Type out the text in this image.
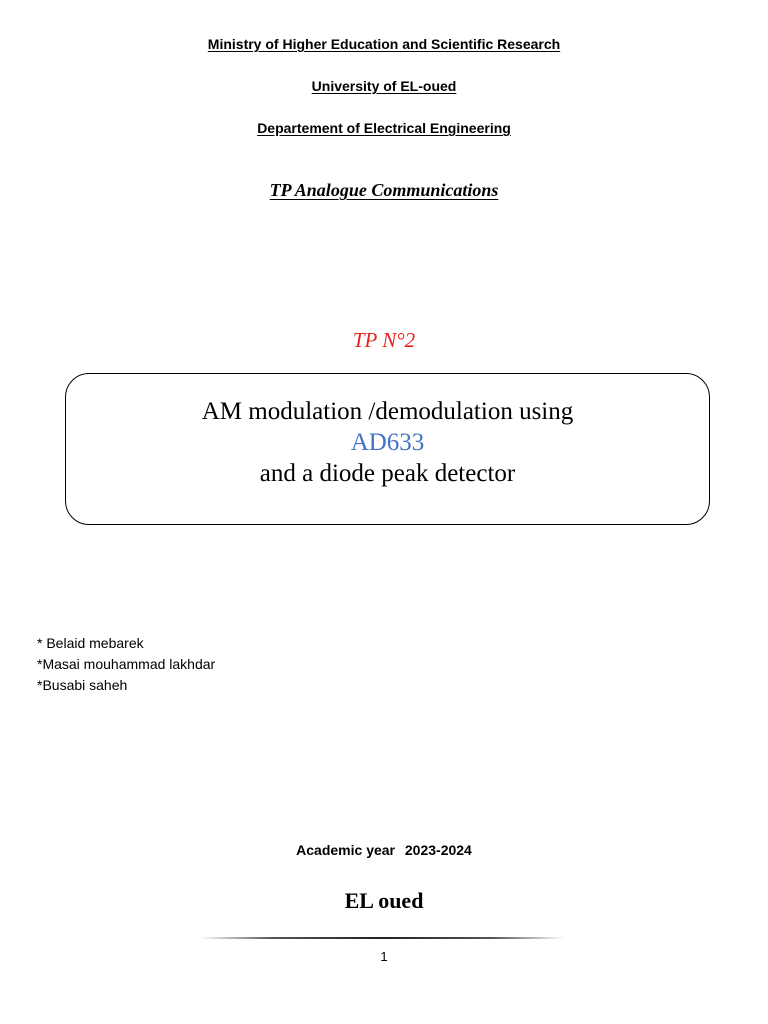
Ministry of Higher Education and Scientific Research
University of EL-oued
Departement of Electrical Engineering
TP Analogue Communications
TP N°2
AM modulation /demodulation using
AD633
and a diode peak detector
* Belaid mebarek
*Masai mouhammad lakhdar
*Busabi saheh
Academic year 2023-2024
EL oued
1
